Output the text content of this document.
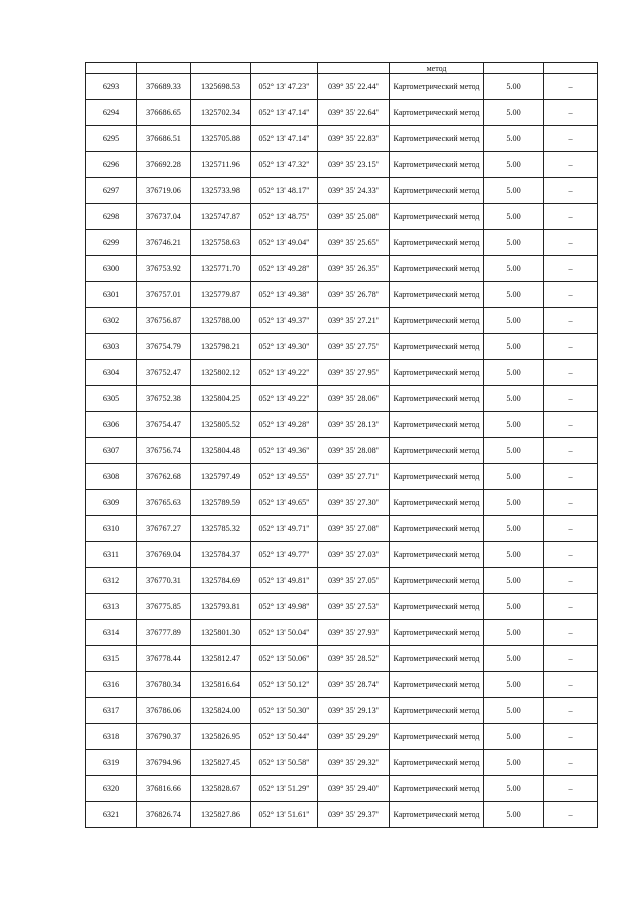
					метод		

6293	376689.33	1325698.53	052° 13' 47.23"	039° 35' 22.44"	Картометрический метод	5.00	–
6294	376686.65	1325702.34	052° 13' 47.14"	039° 35' 22.64"	Картометрический метод	5.00	–
6295	376686.51	1325705.88	052° 13' 47.14"	039° 35' 22.83"	Картометрический метод	5.00	–
6296	376692.28	1325711.96	052° 13' 47.32"	039° 35' 23.15"	Картометрический метод	5.00	–
6297	376719.06	1325733.98	052° 13' 48.17"	039° 35' 24.33"	Картометрический метод	5.00	–
6298	376737.04	1325747.87	052° 13' 48.75"	039° 35' 25.08"	Картометрический метод	5.00	–
6299	376746.21	1325758.63	052° 13' 49.04"	039° 35' 25.65"	Картометрический метод	5.00	–
6300	376753.92	1325771.70	052° 13' 49.28"	039° 35' 26.35"	Картометрический метод	5.00	–
6301	376757.01	1325779.87	052° 13' 49.38"	039° 35' 26.78"	Картометрический метод	5.00	–
6302	376756.87	1325788.00	052° 13' 49.37"	039° 35' 27.21"	Картометрический метод	5.00	–
6303	376754.79	1325798.21	052° 13' 49.30"	039° 35' 27.75"	Картометрический метод	5.00	–
6304	376752.47	1325802.12	052° 13' 49.22"	039° 35' 27.95"	Картометрический метод	5.00	–
6305	376752.38	1325804.25	052° 13' 49.22"	039° 35' 28.06"	Картометрический метод	5.00	–
6306	376754.47	1325805.52	052° 13' 49.28"	039° 35' 28.13"	Картометрический метод	5.00	–
6307	376756.74	1325804.48	052° 13' 49.36"	039° 35' 28.08"	Картометрический метод	5.00	–
6308	376762.68	1325797.49	052° 13' 49.55"	039° 35' 27.71"	Картометрический метод	5.00	–
6309	376765.63	1325789.59	052° 13' 49.65"	039° 35' 27.30"	Картометрический метод	5.00	–
6310	376767.27	1325785.32	052° 13' 49.71"	039° 35' 27.08"	Картометрический метод	5.00	–
6311	376769.04	1325784.37	052° 13' 49.77"	039° 35' 27.03"	Картометрический метод	5.00	–
6312	376770.31	1325784.69	052° 13' 49.81"	039° 35' 27.05"	Картометрический метод	5.00	–
6313	376775.85	1325793.81	052° 13' 49.98"	039° 35' 27.53"	Картометрический метод	5.00	–
6314	376777.89	1325801.30	052° 13' 50.04"	039° 35' 27.93"	Картометрический метод	5.00	–
6315	376778.44	1325812.47	052° 13' 50.06"	039° 35' 28.52"	Картометрический метод	5.00	–
6316	376780.34	1325816.64	052° 13' 50.12"	039° 35' 28.74"	Картометрический метод	5.00	–
6317	376786.06	1325824.00	052° 13' 50.30"	039° 35' 29.13"	Картометрический метод	5.00	–
6318	376790.37	1325826.95	052° 13' 50.44"	039° 35' 29.29"	Картометрический метод	5.00	–
6319	376794.96	1325827.45	052° 13' 50.58"	039° 35' 29.32"	Картометрический метод	5.00	–
6320	376816.66	1325828.67	052° 13' 51.29"	039° 35' 29.40"	Картометрический метод	5.00	–
6321	376826.74	1325827.86	052° 13' 51.61"	039° 35' 29.37"	Картометрический метод	5.00	–
